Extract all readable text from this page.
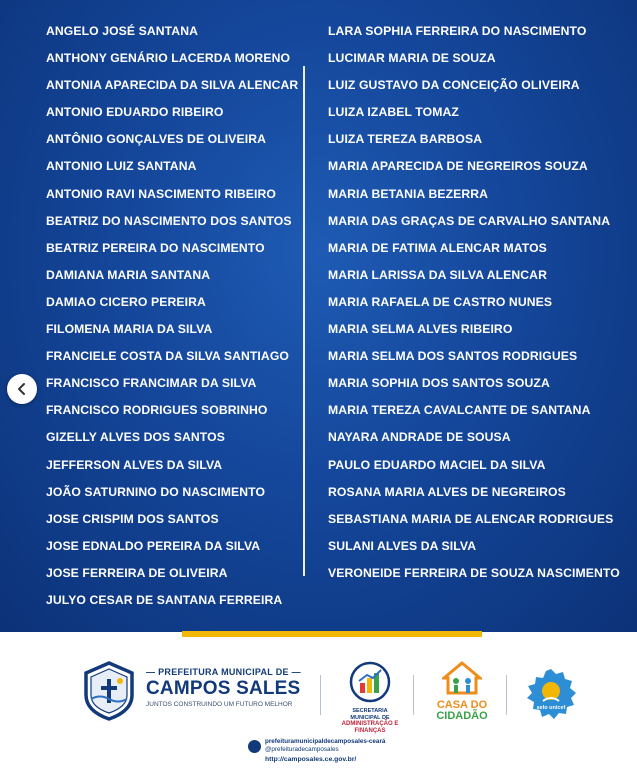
ANGELO JOSÉ SANTANA
ANTHONY GENÁRIO LACERDA MORENO
ANTONIA APARECIDA DA SILVA ALENCAR
ANTONIO EDUARDO RIBEIRO
ANTÔNIO GONÇALVES DE OLIVEIRA
ANTONIO LUIZ SANTANA
ANTONIO RAVI NASCIMENTO RIBEIRO
BEATRIZ DO NASCIMENTO DOS SANTOS
BEATRIZ PEREIRA DO NASCIMENTO
DAMIANA MARIA SANTANA
DAMIAO CICERO PEREIRA
FILOMENA MARIA DA SILVA
FRANCIELE COSTA DA SILVA SANTIAGO
FRANCISCO FRANCIMAR DA SILVA
FRANCISCO RODRIGUES SOBRINHO
GIZELLY ALVES DOS SANTOS
JEFFERSON ALVES DA SILVA
JOÃO SATURNINO DO NASCIMENTO
JOSE CRISPIM DOS SANTOS
JOSE EDNALDO PEREIRA DA SILVA
JOSE FERREIRA DE OLIVEIRA
JULYO CESAR DE SANTANA FERREIRA
LARA SOPHIA FERREIRA DO NASCIMENTO
LUCIMAR MARIA DE SOUZA
LUIZ GUSTAVO DA CONCEIÇÃO OLIVEIRA
LUIZA IZABEL TOMAZ
LUIZA TEREZA BARBOSA
MARIA APARECIDA DE NEGREIROS SOUZA
MARIA BETANIA BEZERRA
MARIA DAS GRAÇAS DE CARVALHO SANTANA
MARIA DE FATIMA ALENCAR MATOS
MARIA LARISSA DA SILVA ALENCAR
MARIA RAFAELA DE CASTRO NUNES
MARIA SELMA ALVES RIBEIRO
MARIA SELMA DOS SANTOS RODRIGUES
MARIA SOPHIA DOS SANTOS SOUZA
MARIA TEREZA CAVALCANTE DE SANTANA
NAYARA ANDRADE DE SOUSA
PAULO EDUARDO MACIEL DA SILVA
ROSANA MARIA ALVES DE NEGREIROS
SEBASTIANA MARIA DE ALENCAR RODRIGUES
SULANI ALVES DA SILVA
VERONEIDE FERREIRA DE SOUZA NASCIMENTO
— PREFEITURA MUNICIPAL DE —
CAMPOS SALES
JUNTOS CONSTRUINDO UM FUTURO MELHOR
SECRETARIA MUNICIPAL DE
ADMINISTRAÇÃO E FINANÇAS
CASA DO
CIDADÃO
selo unicef
prefeituramunicipaldecamposales-ceará
@prefeituradecamposales
http://camposales.ce.gov.br/
